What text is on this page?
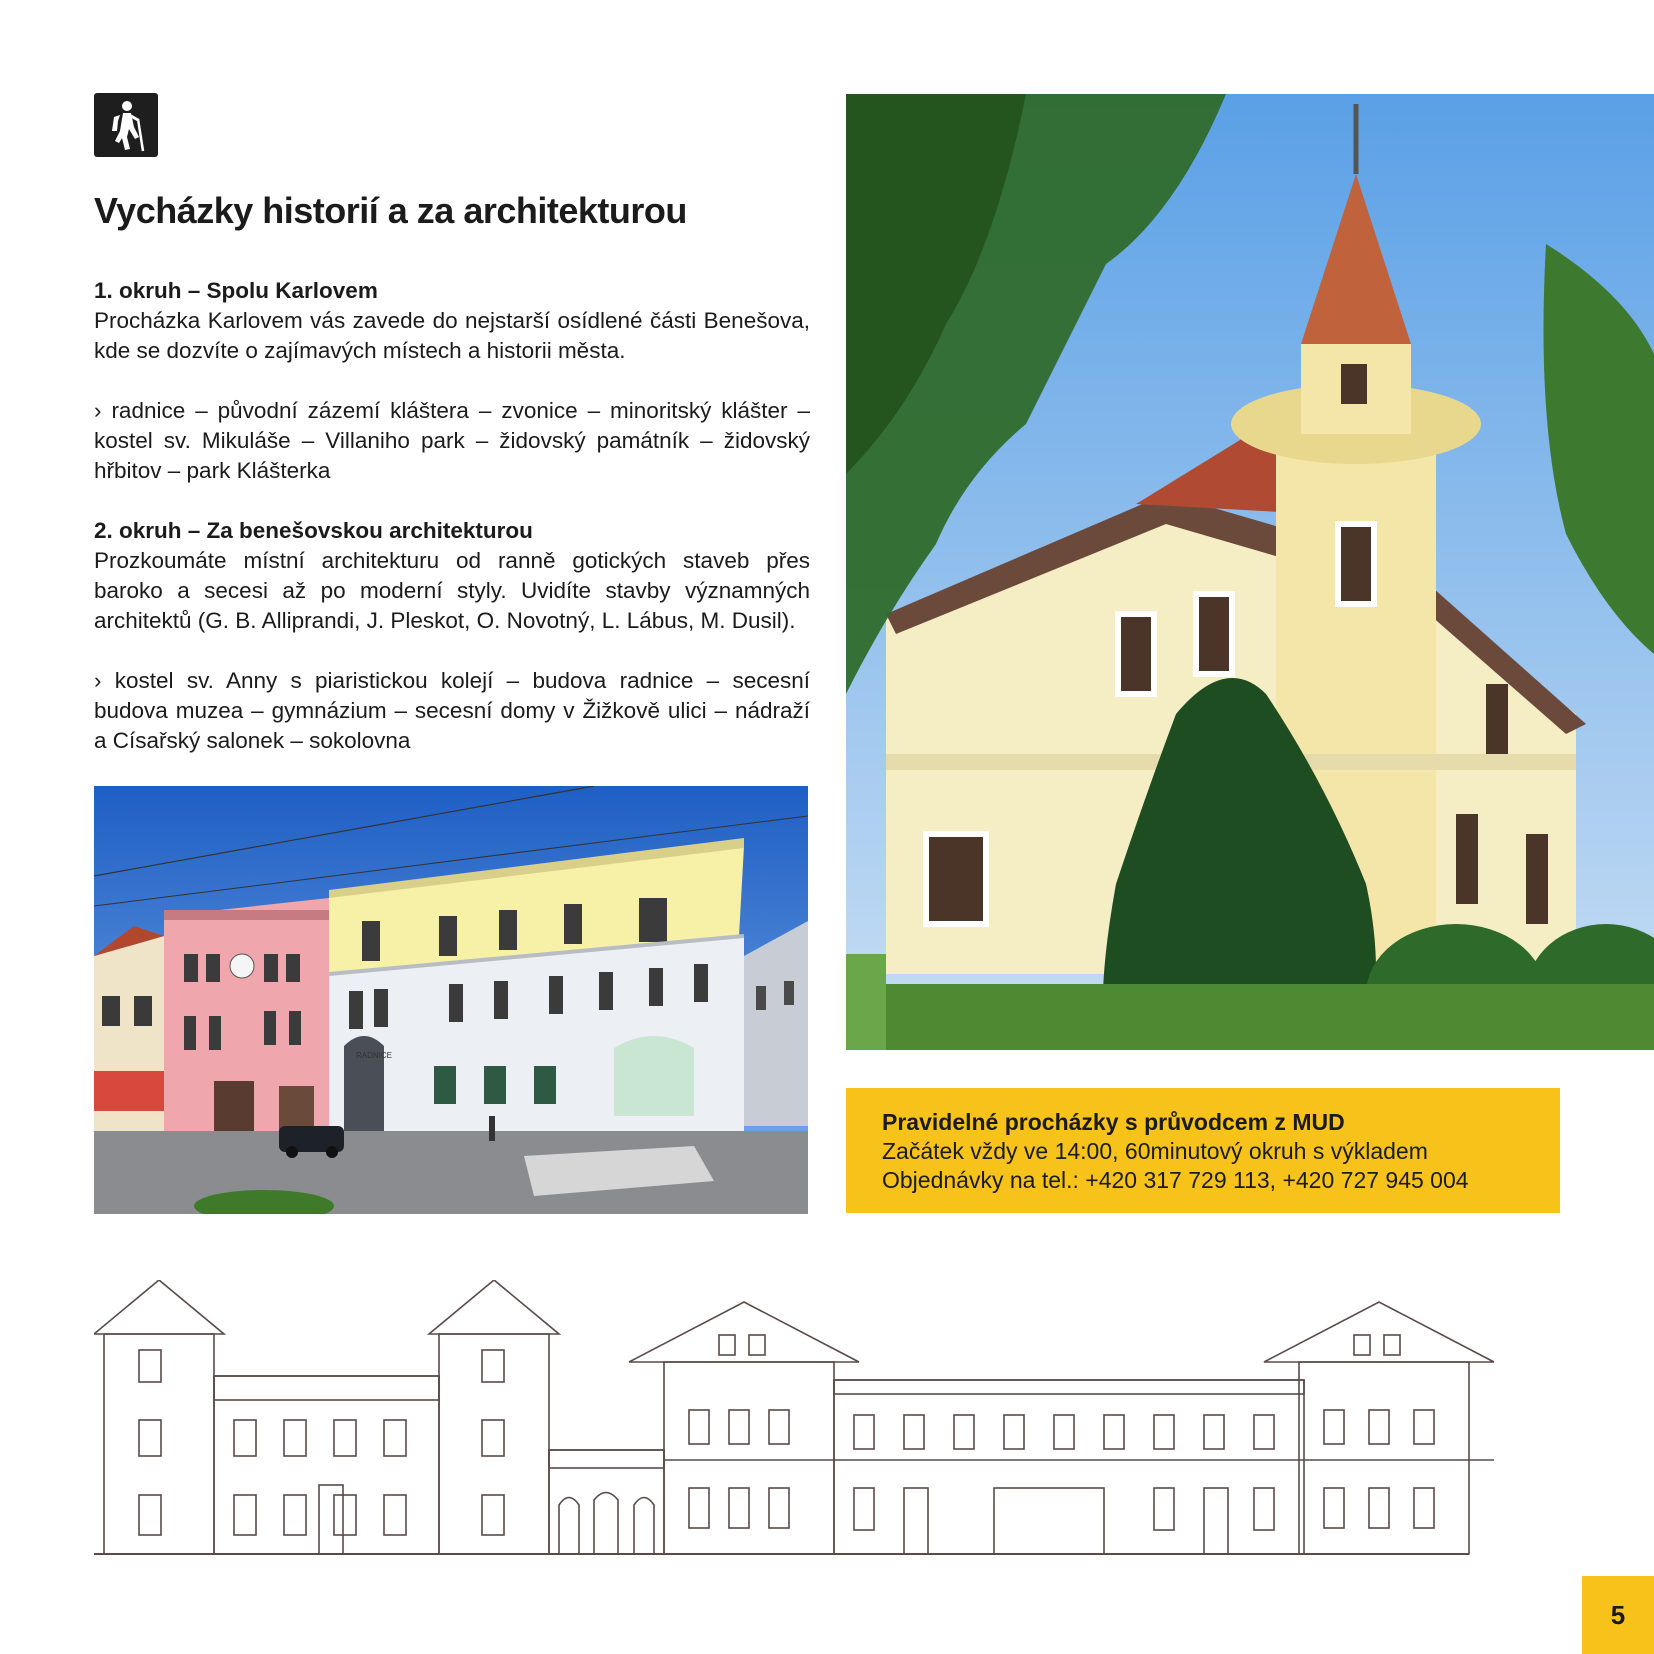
Vycházky historií a za architekturou

1. okruh – Spolu Karlovem

Procházka Karlovem vás zavede do nejstarší osídlené části Benešova, kde se dozvíte o zajímavých místech a historii města.

› radnice – původní zázemí kláštera – zvonice – minoritský klášter – kostel sv. Mikuláše – Villaniho park – židovský památník – židovský hřbitov – park Klášterka

2. okruh – Za benešovskou architekturou

Prozkoumáte místní architekturu od ranně gotických staveb přes baroko a secesi až po moderní styly. Uvidíte stavby významných architektů (G. B. Alliprandi, J. Pleskot, O. Novotný, L. Lábus, M. Dusil).

› kostel sv. Anny s piaristickou kolejí – budova radnice – secesní budova muzea – gymnázium – secesní domy v Žižkově ulici – nádraží a Císařský salonek – sokolovna

RADNICE
Pravidelné procházky s průvodcem z MUD
Začátek vždy ve 14:00, 60minutový okruh s výkladem
Objednávky na tel.: +420 317 729 113, +420 727 945 004
5
